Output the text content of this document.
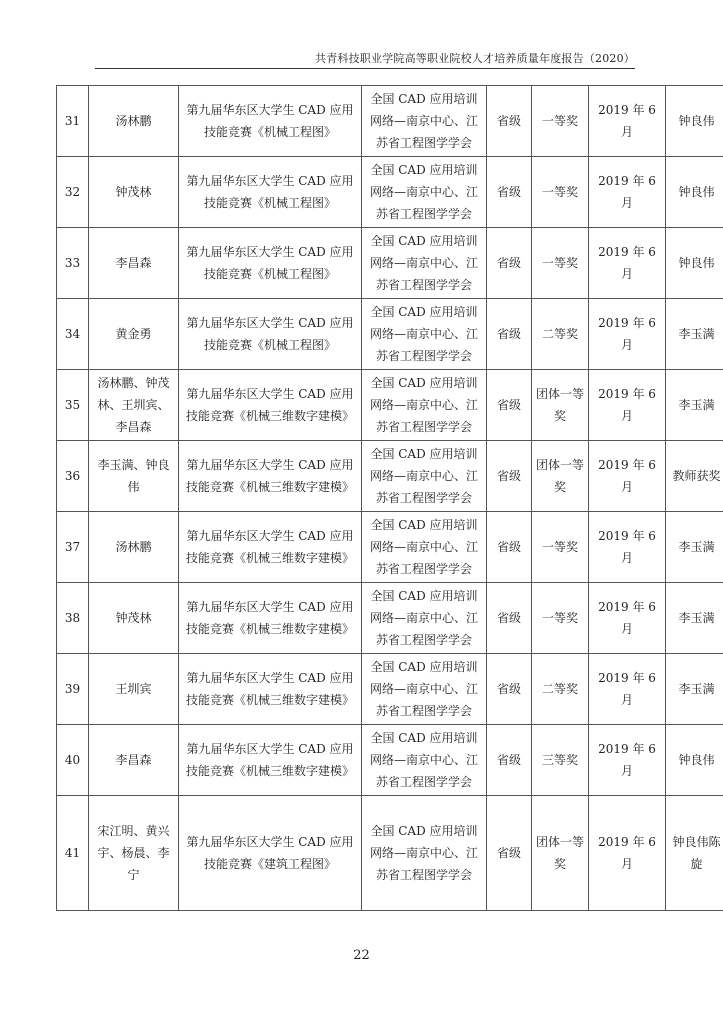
共青科技职业学院高等职业院校人才培养质量年度报告（2020）
31	汤林鹏	第九届华东区大学生 CAD 应用技能竞赛《机械工程图》	全国 CAD 应用培训网络—南京中心、江苏省工程图学学会	省级	一等奖	2019 年 6 月	钟良伟
32	钟茂林	第九届华东区大学生 CAD 应用技能竞赛《机械工程图》	全国 CAD 应用培训网络—南京中心、江苏省工程图学学会	省级	一等奖	2019 年 6 月	钟良伟
33	李昌森	第九届华东区大学生 CAD 应用技能竞赛《机械工程图》	全国 CAD 应用培训网络—南京中心、江苏省工程图学学会	省级	一等奖	2019 年 6 月	钟良伟
34	黄金勇	第九届华东区大学生 CAD 应用技能竞赛《机械工程图》	全国 CAD 应用培训网络—南京中心、江苏省工程图学学会	省级	二等奖	2019 年 6 月	李玉满
35	汤林鹏、钟茂林、王圳宾、李昌森	第九届华东区大学生 CAD 应用技能竞赛《机械三维数字建模》	全国 CAD 应用培训网络—南京中心、江苏省工程图学学会	省级	团体一等奖	2019 年 6 月	李玉满
36	李玉满、钟良伟	第九届华东区大学生 CAD 应用技能竞赛《机械三维数字建模》	全国 CAD 应用培训网络—南京中心、江苏省工程图学学会	省级	团体一等奖	2019 年 6 月	教师获奖
37	汤林鹏	第九届华东区大学生 CAD 应用技能竞赛《机械三维数字建模》	全国 CAD 应用培训网络—南京中心、江苏省工程图学学会	省级	一等奖	2019 年 6 月	李玉满
38	钟茂林	第九届华东区大学生 CAD 应用技能竞赛《机械三维数字建模》	全国 CAD 应用培训网络—南京中心、江苏省工程图学学会	省级	一等奖	2019 年 6 月	李玉满
39	王圳宾	第九届华东区大学生 CAD 应用技能竞赛《机械三维数字建模》	全国 CAD 应用培训网络—南京中心、江苏省工程图学学会	省级	二等奖	2019 年 6 月	李玉满
40	李昌森	第九届华东区大学生 CAD 应用技能竞赛《机械三维数字建模》	全国 CAD 应用培训网络—南京中心、江苏省工程图学学会	省级	三等奖	2019 年 6 月	钟良伟
41	宋江明、黄兴宇、杨晨、李宁	第九届华东区大学生 CAD 应用技能竞赛《建筑工程图》	全国 CAD 应用培训网络—南京中心、江苏省工程图学学会	省级	团体一等奖	2019 年 6 月	钟良伟陈旋
22
